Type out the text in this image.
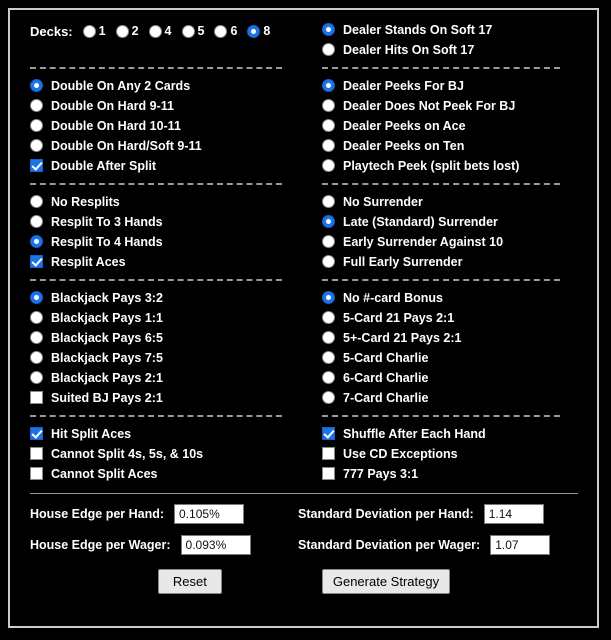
Decks: 1 2 4 5 6 8	Dealer Stands On Soft 17
Dealer Hits On Soft 17
Double On Any 2 Cards
Double On Hard 9-11
Double On Hard 10-11
Double On Hard/Soft 9-11
Double After Split
Dealer Peeks For BJ
Dealer Does Not Peek For BJ
Dealer Peeks on Ace
Dealer Peeks on Ten
Playtech Peek (split bets lost)
No Resplits
Resplit To 3 Hands
Resplit To 4 Hands
Resplit Aces
No Surrender
Late (Standard) Surrender
Early Surrender Against 10
Full Early Surrender
Blackjack Pays 3:2
Blackjack Pays 1:1
Blackjack Pays 6:5
Blackjack Pays 7:5
Blackjack Pays 2:1
Suited BJ Pays 2:1
No #-card Bonus
5-Card 21 Pays 2:1
5+-Card 21 Pays 2:1
5-Card Charlie
6-Card Charlie
7-Card Charlie
Hit Split Aces
Cannot Split 4s, 5s, & 10s
Cannot Split Aces
Shuffle After Each Hand
Use CD Exceptions
777 Pays 3:1
House Edge per Hand:	0.105%	Standard Deviation per Hand:	1.14
House Edge per Wager:	0.093%	Standard Deviation per Wager:	1.07
Reset	Generate Strategy
